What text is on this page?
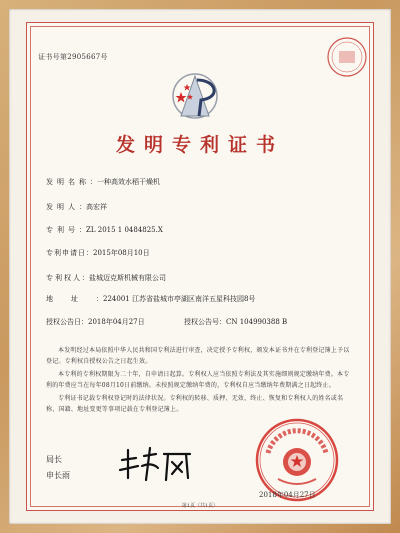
证书号第2905667号
发明专利证书
发明名称：一种高效水稻干燥机
发明人：高宏祥
专利号：ZL 2015 1 0484825.X
专利申请日：2015年08月10日
专利权人：盐城迈克斯机械有限公司
地址：224001 江苏省盐城市亭湖区南洋五星科技园8号
授权公告日：2018年04月27日	授权公告号：CN 104990388 B

本发明经过本局依照中华人民共和国专利法进行审查，决定授予专利权，颁发本证书并在专利登记簿上予以登记。专利权自授权公告之日起生效。

本专利的专利权期限为二十年，自申请日起算。专利权人应当依照专利法及其实施细则规定缴纳年费。本专利的年费应当在每年08月10日前缴纳。未按照规定缴纳年费的，专利权自应当缴纳年费期满之日起终止。

专利证书记载专利权登记时的法律状况。专利权的转移、质押、无效、终止、恢复和专利权人的姓名或名称、国籍、地址变更等事项记载在专利登记簿上。

局长
申长雨
2018年04月27日
第1页（共1页）
